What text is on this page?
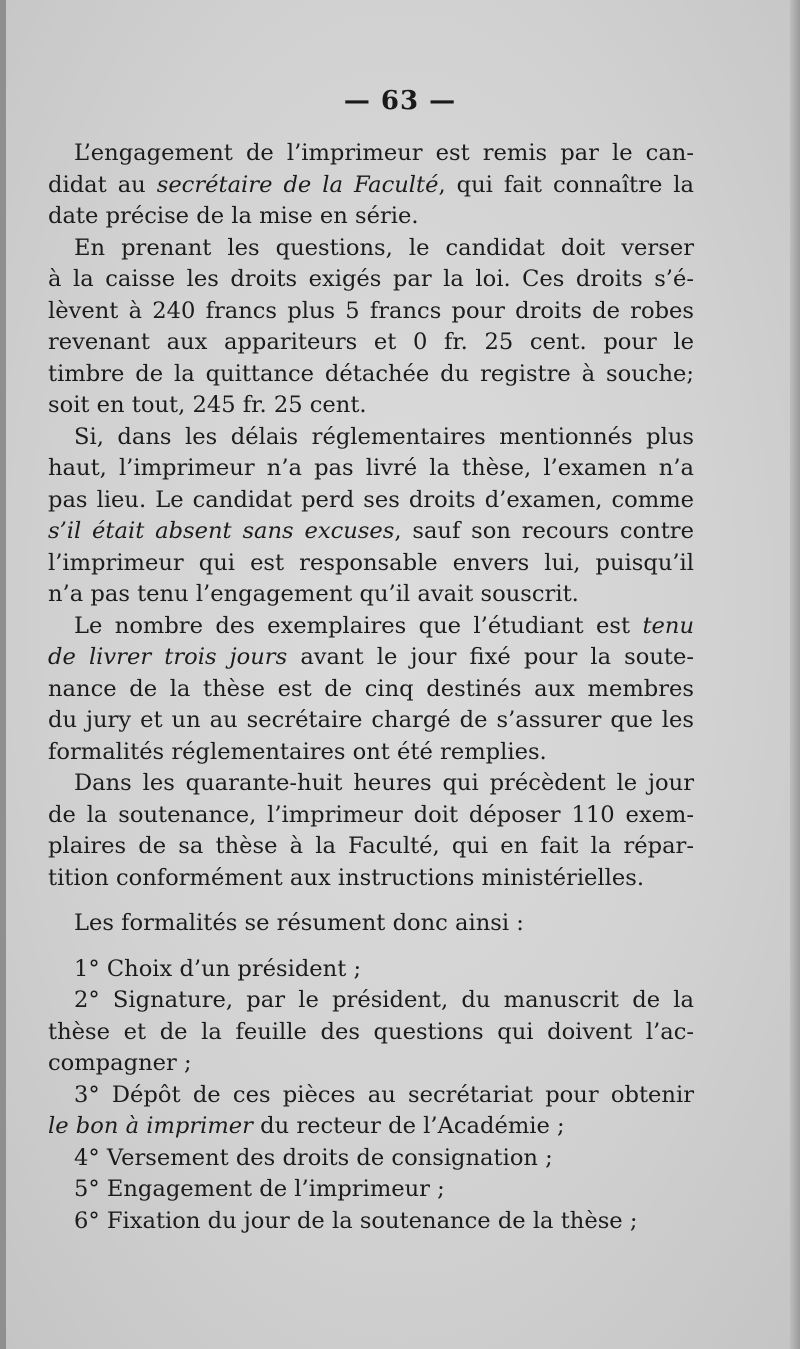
— 63 —

L’engagement de l’imprimeur est remis par le can-
didat au secrétaire de la Faculté, qui fait connaître la
date précise de la mise en série.
En prenant les questions, le candidat doit verser
à la caisse les droits exigés par la loi. Ces droits s’é-
lèvent à 240 francs plus 5 francs pour droits de robes
revenant aux appariteurs et 0 fr. 25 cent. pour le
timbre de la quittance détachée du registre à souche;
soit en tout, 245 fr. 25 cent.
Si, dans les délais réglementaires mentionnés plus
haut, l’imprimeur n’a pas livré la thèse, l’examen n’a
pas lieu. Le candidat perd ses droits d’examen, comme
s’il était absent sans excuses, sauf son recours contre
l’imprimeur qui est responsable envers lui, puisqu’il
n’a pas tenu l’engagement qu’il avait souscrit.
Le nombre des exemplaires que l’étudiant est tenu
de livrer trois jours avant le jour fixé pour la soute-
nance de la thèse est de cinq destinés aux membres
du jury et un au secrétaire chargé de s’assurer que les
formalités réglementaires ont été remplies.
Dans les quarante-huit heures qui précèdent le jour
de la soutenance, l’imprimeur doit déposer 110 exem-
plaires de sa thèse à la Faculté, qui en fait la répar-
tition conformément aux instructions ministérielles.
Les formalités se résument donc ainsi :
1° Choix d’un président ;
2° Signature, par le président, du manuscrit de la
thèse et de la feuille des questions qui doivent l’ac-
compagner ;
3° Dépôt de ces pièces au secrétariat pour obtenir
le bon à imprimer du recteur de l’Académie ;
4° Versement des droits de consignation ;
5° Engagement de l’imprimeur ;
6° Fixation du jour de la soutenance de la thèse ;
